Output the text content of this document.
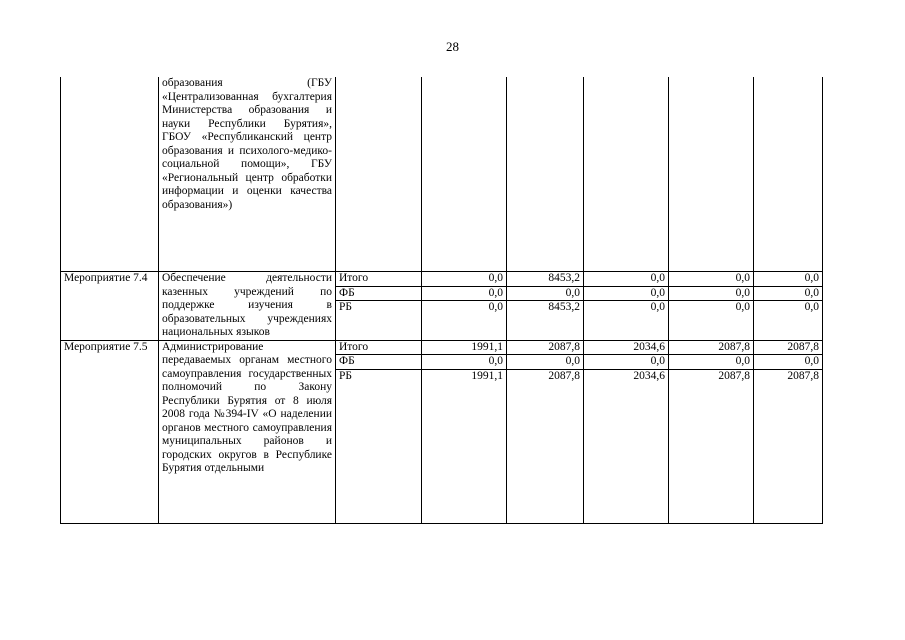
28
	образования (ГБУ «Централизованная бухгалтерия Министерства образования и науки Республики Бурятия», ГБОУ «Республиканский центр образования и психолого-медико-социальной помощи», ГБУ «Региональный центр обработки информации и оценки качества образования»)						
Мероприятие 7.4	Обеспечение деятельности казенных учреждений по поддержке изучения в образовательных учреждениях национальных языков	Итого	0,0	8453,2	0,0	0,0	0,0
		ФБ	0,0	0,0	0,0	0,0	0,0
		РБ	0,0	8453,2	0,0	0,0	0,0

Мероприятие 7.5	Администрирование передаваемых органам местного самоуправления государственных полномочий по Закону Республики Бурятия от 8 июля 2008 года №394-IV «О наделении органов местного самоуправления муниципальных районов и городских округов в Республике Бурятия отдельными	Итого	1991,1	2087,8	2034,6	2087,8	2087,8
		ФБ	0,0	0,0	0,0	0,0	0,0
		РБ	1991,1	2087,8	2034,6	2087,8	2087,8
